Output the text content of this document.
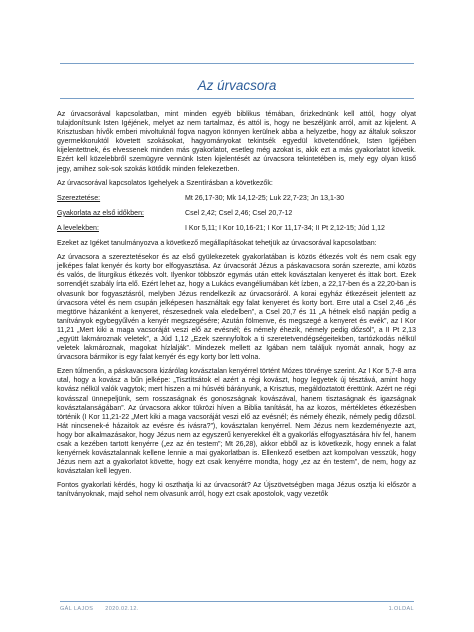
Az úrvacsora

Az úrvacsorával kapcsolatban, mint minden egyéb biblikus témában, őrizkednünk kell attól, hogy olyat tulajdonítsunk Isten Igéjének, melyet az nem tartalmaz, és attól is, hogy ne beszéljünk arról, amit az kijelent. A Krisztusban hívők emberi mivoltuknál fogva nagyon könnyen kerülnek abba a helyzetbe, hogy az általuk sokszor gyermekkoruktól követett szokásokat, hagyományokat tekintsék egyedül követendőnek, Isten Igéjében kijelentettnek, és elvessenek minden más gyakorlatot, esetleg még azokat is, akik ezt a más gyakorlatot követik. Ezért kell közelebbről szemügyre vennünk Isten kijelentését az úrvacsora tekintetében is, mely egy olyan küső jegy, amihez sok-sok szokás kötődik minden felekezetben.

Az úrvacsorával kapcsolatos Igehelyek a Szentírásban a következők:

Szereztetése:	Mt 26,17-30; Mk 14,12-25; Luk 22,7-23; Jn 13,1-30
Gyakorlata az első időkben:	Csel 2,42; Csel 2,46; Csel 20,7-12
A levelekben:	I Kor 5,11; I Kor 10,16-21; I Kor 11,17-34; II Pt 2,12-15; Júd 1,12

Ezeket az Igéket tanulmányozva a következő megállapításokat tehetjük az úrvacsorával kapcsolatban:

Az úrvacsora a szereztetésekor és az első gyülekezetek gyakorlatában is közös étkezés volt és nem csak egy jelképes falat kenyér és korty bor elfogyasztása. Az úrvacsorát Jézus a páskavacsora során szerezte, ami közös és valós, de liturgikus étkezés volt. Ilyenkor többször egymás után ettek kovásztalan kenyeret és ittak bort. Ezek sorrendjét szabály írta elő. Ezért lehet az, hogy a Lukács evangéliumában két ízben, a 22,17-ben és a 22,20-ban is olvasunk bor fogyasztásról, melyben Jézus rendelkezik az úrvacsoráról. A korai egyház étkezéseit jelentett az úrvacsora vétel és nem csupán jelképesen használtak egy falat kenyeret és korty bort. Erre utal a Csel 2,46 „és megtörve házanként a kenyeret, részesednek vala eledelben”, a Csel 20,7 és 11 „A hétnek első napján pedig a tanítványok egybegyűlvén a kenyér megszegésére; Azután fölmenve, és megszegé a kenyeret és evék”, az I Kor 11,21 „Mert kiki a maga vacsoráját veszi elő az evésnél; és némely éhezik, némely pedig dőzsöl”, a II Pt 2,13 „együtt lakmároznak veletek”, a Júd 1,12 „Ezek szennyfoltok a ti szeretetvendégségeitekben, tartózkodás nélkül veletek lakmároznak, magokat hízlalják”. Mindezek mellett az Igában nem találjuk nyomát annak, hogy az úrvacsora bármikor is egy falat kenyér és egy korty bor lett volna.

Ezen túlmenőn, a páskavacsora kizárólag kovásztalan kenyérrel történt Mózes törvénye szerint. Az I Kor 5,7-8 arra utal, hogy a kovász a bűn jelképe: „Tisztítsátok el azért a régi kovászt, hogy legyetek új tésztává, amint hogy kovász nélkül valók vagytok; mert hiszen a mi húsvéti bárányunk, a Krisztus, megáldoztatott érettünk. Azért ne régi kovásszal ünnepeljünk, sem rosszaságnak és gonoszságnak kovászával, hanem tisztaságnak és igazságnak kovásztalanságában”. Az úrvacsora akkor tükrözi híven a Biblia tanítását, ha az kozos, mértékletes étkezésben történik (I Kor 11,21-22 „Mert kiki a maga vacsoráját veszi elő az evésnél; és némely éhezik, némely pedig dőzsöl. Hát nincsenek-é házaitok az evésre és ivásra?”), kovásztalan kenyérrel. Nem Jézus nem kezdeményezte azt, hogy bor alkalmazásakor, hogy Jézus nem az egyszerű kenyerekkel élt a gyakorlás elfogyasztására hív fel, hanem csak a kezében tartott kenyérre („ez az én testem”; Mt 26,28), akkor ebből az is következik, hogy ennek a falat kenyérnek kovásztalannak kellene lennie a mai gyakorlatban is. Ellenkező esetben azt kompolvan vesszük, hogy Jézus nem azt a gyakorlatot követte, hogy ezt csak kenyérre mondta, hogy „ez az én testem”, de nem, hogy az kovásztalan kell legyen.

Fontos gyakorlati kérdés, hogy ki oszthatja ki az úrvacsorát? Az Újszövetségben maga Jézus osztja ki először a tanítványoknak, majd sehol nem olvasunk arról, hogy ezt csak apostolok, vagy vezetők

GÁL LAJOS 2020.02.12.	1.OLDAL
